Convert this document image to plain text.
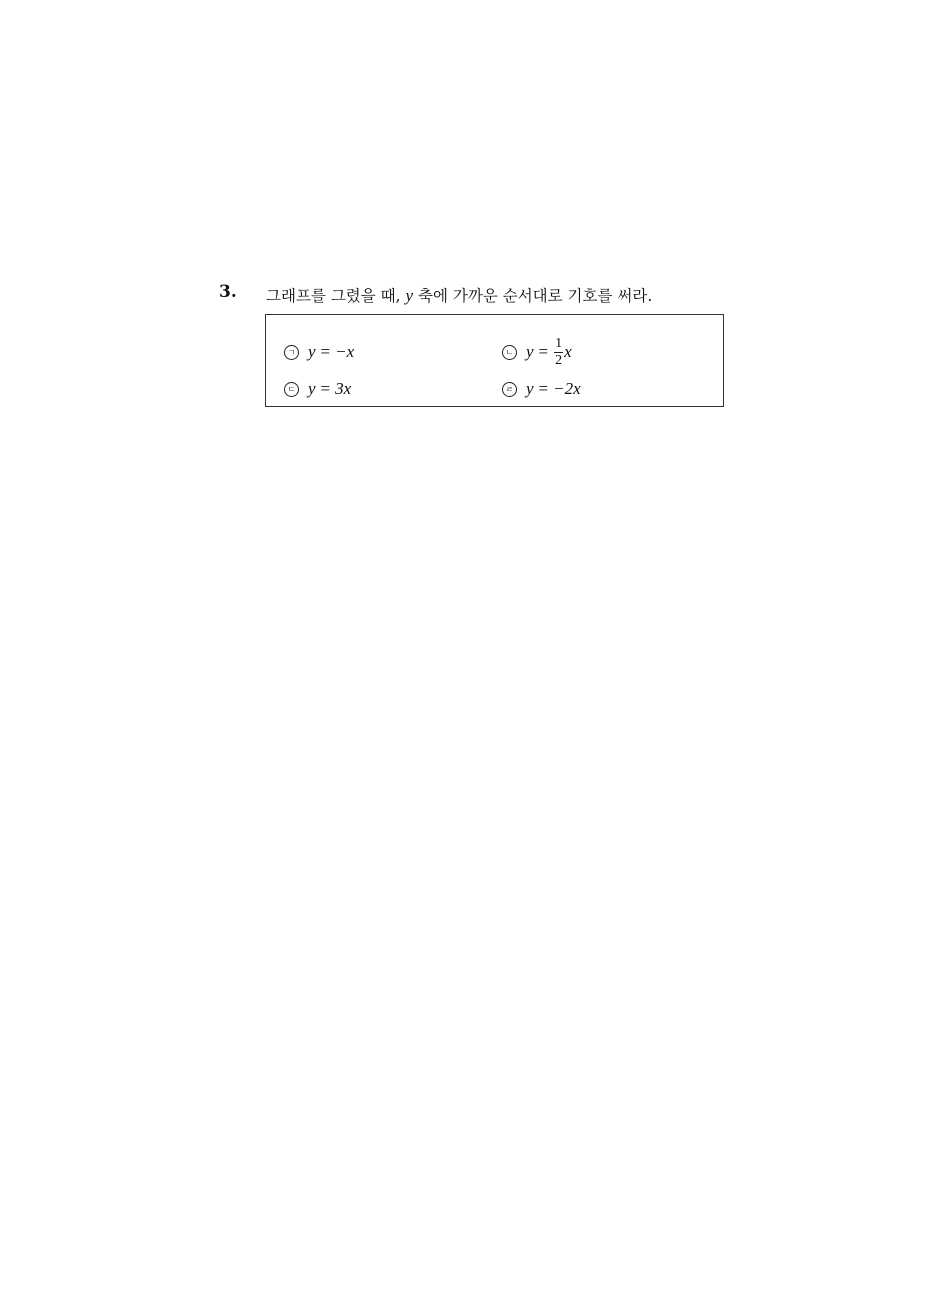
3. 그래프를 그렸을 때, y 축에 가까운 순서대로 기호를 써라.
ㄱ y = −x	ㄴ $y = \frac{1}{2}$ x
ㄷ y = 3x	ㄹ y = −2x
